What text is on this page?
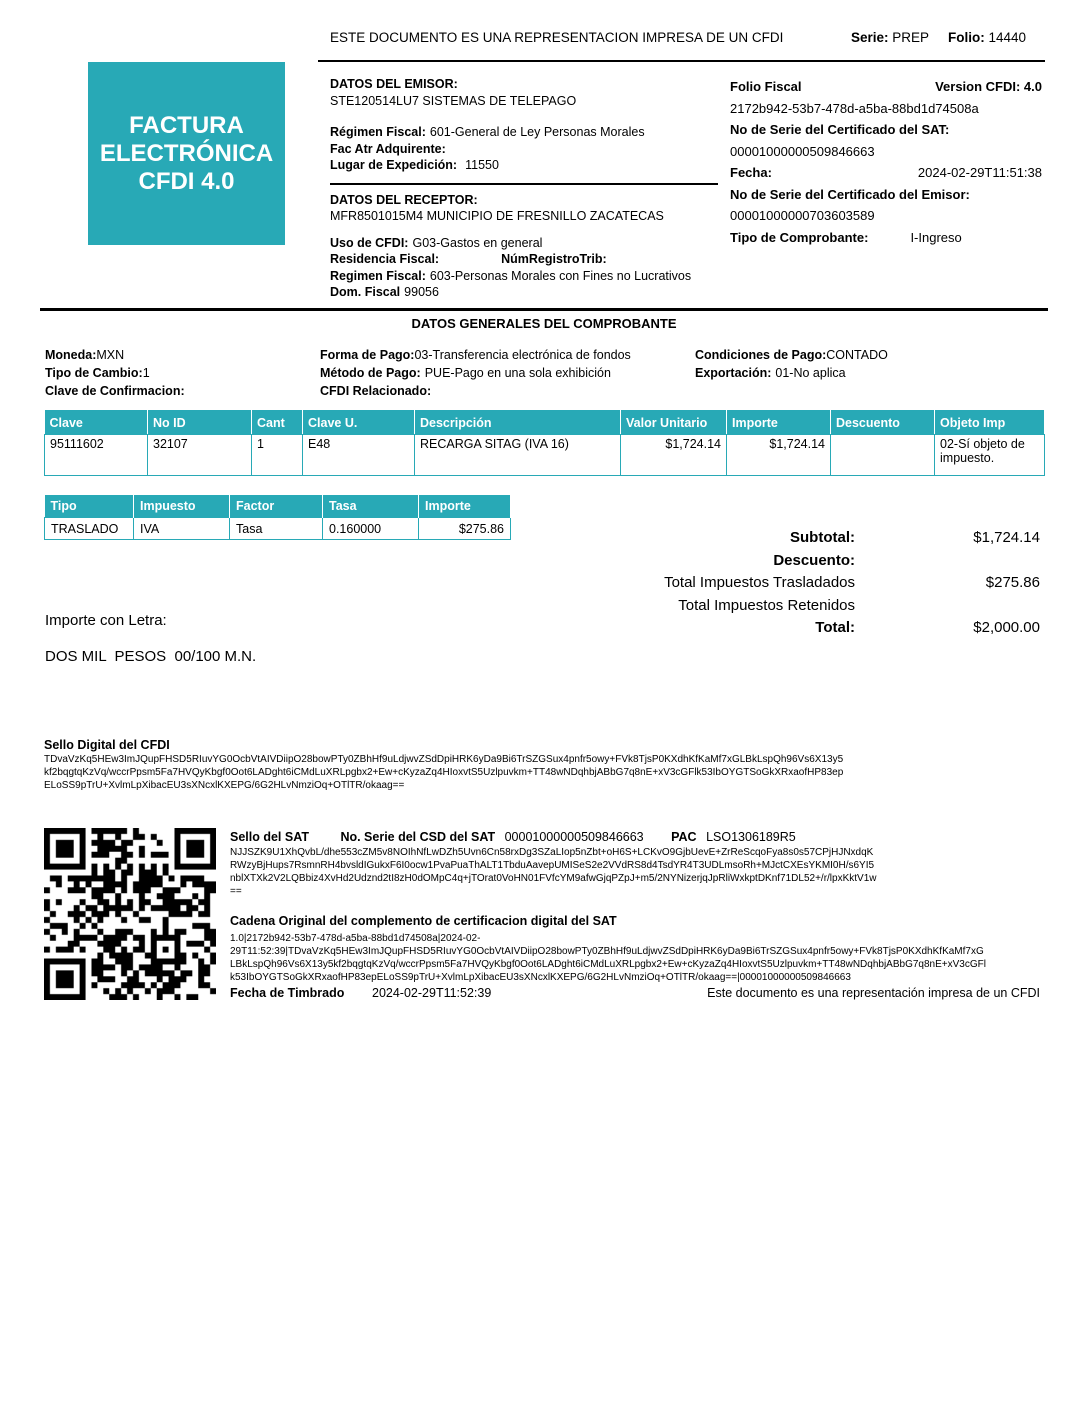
ESTE DOCUMENTO ES UNA REPRESENTACION IMPRESA DE UN CFDI	Serie: PREP Folio: 14440
FACTURA
ELECTRÓNICA
CFDI 4.0
DATOS DEL EMISOR:
STE120514LU7 SISTEMAS DE TELEPAGO
Régimen Fiscal: 601-General de Ley Personas Morales
Fac Atr Adquirente:
Lugar de Expedición: 11550
DATOS DEL RECEPTOR:
MFR8501015M4 MUNICIPIO DE FRESNILLO ZACATECAS
Uso de CFDI: G03-Gastos en general
Residencia Fiscal:	NúmRegistroTrib:
Regimen Fiscal: 603-Personas Morales con Fines no Lucrativos
Dom. Fiscal 99056
Folio Fiscal	Version CFDI: 4.0
2172b942-53b7-478d-a5ba-88bd1d74508a
No de Serie del Certificado del SAT:
00001000000509846663
Fecha:	2024-02-29T11:51:38
No de Serie del Certificado del Emisor:
00001000000703603589
Tipo de Comprobante:	I-Ingreso
DATOS GENERALES DEL COMPROBANTE
Moneda:MXN
Tipo de Cambio:1
Clave de Confirmacion:
Forma de Pago:03-Transferencia electrónica de fondos
Método de Pago: PUE-Pago en una sola exhibición
CFDI Relacionado:
Condiciones de Pago:CONTADO
Exportación: 01-No aplica
Clave	No ID	Cant	Clave U.	Descripción	Valor Unitario	Importe	Descuento	Objeto Imp
95111602	32107	1	E48	RECARGA SITAG (IVA 16)	$1,724.14	$1,724.14		02-Sí objeto de impuesto.
Tipo	Impuesto	Factor	Tasa	Importe
TRASLADO	IVA	Tasa	0.160000	$275.86
Subtotal:	$1,724.14
Descuento:
Total Impuestos Trasladados	$275.86
Total Impuestos Retenidos
Total:	$2,000.00
Importe con Letra:
DOS MIL  PESOS  00/100 M.N.
Sello Digital del CFDI
TDvaVzKq5HEw3ImJQupFHSD5RIuvYG0OcbVtAIVDiipO28bowPTy0ZBhHf9uLdjwvZSdDpiHRK6yDa9Bi6TrSZGSux4pnfr5owy+FVk8TjsP0KXdhKfKaMf7xGLBkLspQh96Vs6X13y5
kf2bqgtqKzVq/wccrPpsm5Fa7HVQyKbgf0Oot6LADght6iCMdLuXRLpgbx2+Ew+cKyzaZq4HIoxvtS5Uzlpuvkm+TT48wNDqhbjABbG7q8nE+xV3cGFlk53IbOYGTSoGkXRxaofHP83ep
ELoSS9pTrU+XvlmLpXibacEU3sXNcxlKXEPG/6G2HLvNmziOq+OTlTR/okaag==
Sello del SAT	No. Serie del CSD del SAT 00001000000509846663 PAC LSO1306189R5
NJJSZK9U1XhQvbL/dhe553cZM5v8NOIhNfLwDZh5Uvn6Cn58rxDg3SZaLIop5nZbt+oH6S+LCKvO9GjbUevE+ZrReScqoFya8s0s57CPjHJNxdqK
RWzyBjHups7RsmnRH4bvsldIGukxF6I0ocw1PvaPuaThALT1TbduAavepUMISeS2e2VVdRS8d4TsdYR4T3UDLmsoRh+MJctCXEsYKMI0H/s6YI5
nblXTXk2V2LQBbiz4XvHd2Udznd2tI8zH0dOMpC4q+jTOrat0VoHN01FVfcYM9afwGjqPZpJ+m5/2NYNizerjqJpRliWxkptDKnf71DL52+/r/lpxKktV1w
==
Cadena Original del complemento de certificacion digital del SAT
1.0|2172b942-53b7-478d-a5ba-88bd1d74508a|2024-02-
29T11:52:39|TDvaVzKq5HEw3ImJQupFHSD5RIuvYG0OcbVtAIVDiipO28bowPTy0ZBhHf9uLdjwvZSdDpiHRK6yDa9Bi6TrSZGSux4pnfr5owy+FVk8TjsP0KXdhKfKaMf7xG
LBkLspQh96Vs6X13y5kf2bqgtqKzVq/wccrPpsm5Fa7HVQyKbgf0Oot6LADght6iCMdLuXRLpgbx2+Ew+cKyzaZq4HIoxvtS5Uzlpuvkm+TT48wNDqhbjABbG7q8nE+xV3cGFl
k53IbOYGTSoGkXRxaofHP83epELoSS9pTrU+XvlmLpXibacEU3sXNcxlKXEPG/6G2HLvNmziOq+OTlTR/okaag==|00001000000509846663
Fecha de Timbrado 2024-02-29T11:52:39	Este documento es una representación impresa de un CFDI
